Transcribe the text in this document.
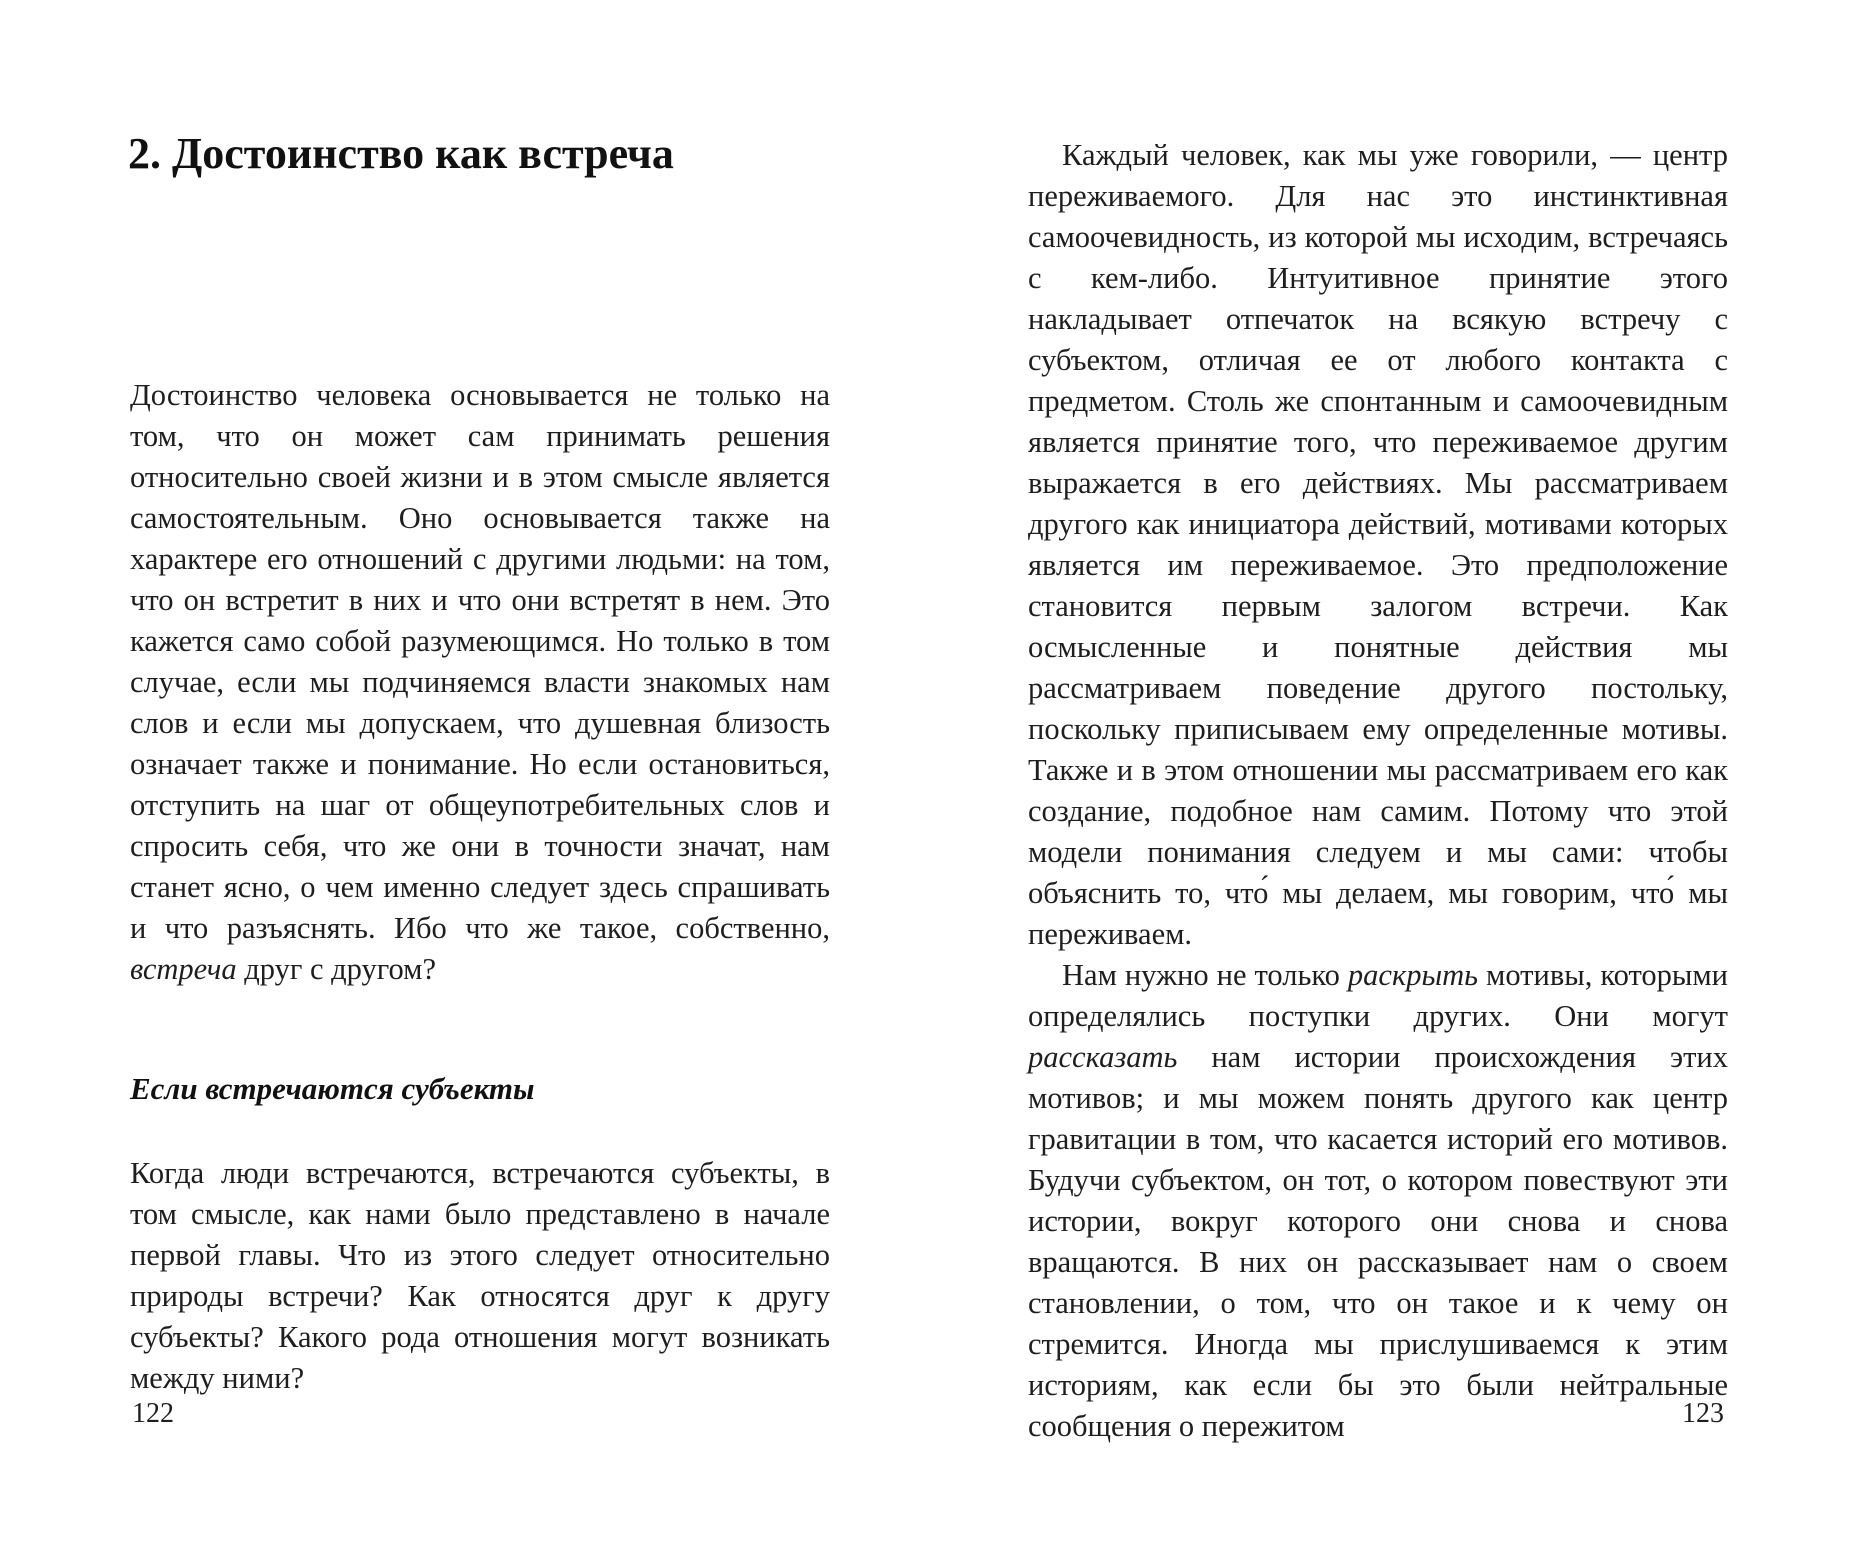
2. Достоинство как встреча

Достоинство человека основывается не только на том, что он может сам принимать решения относительно своей жизни и в этом смысле является самостоятельным. Оно основывается также на характере его отношений с другими людьми: на том, что он встретит в них и что они встретят в нем. Это кажется само собой разумеющимся. Но только в том случае, если мы подчиняемся власти знакомых нам слов и если мы допускаем, что душевная близость означает также и понимание. Но если остановиться, отступить на шаг от общеупотребительных слов и спросить себя, что же они в точности значат, нам станет ясно, о чем именно следует здесь спрашивать и что разъяснять. Ибо что же такое, собственно, встреча друг с другом?

Если встречаются субъекты

Когда люди встречаются, встречаются субъекты, в том смысле, как нами было представлено в начале первой главы. Что из этого следует относительно природы встречи? Как относятся друг к другу субъекты? Какого рода отношения могут возникать между ними?

122

Каждый человек, как мы уже говорили, — центр переживаемого. Для нас это инстинктивная самоочевидность, из которой мы исходим, встречаясь с кем-либо. Интуитивное принятие этого накладывает отпечаток на всякую встречу с субъектом, отличая ее от любого контакта с предметом. Столь же спонтанным и самоочевидным является принятие того, что переживаемое другим выражается в его действиях. Мы рассматриваем другого как инициатора действий, мотивами которых является им переживаемое. Это предположение становится первым залогом встречи. Как осмысленные и понятные действия мы рассматриваем поведение другого постольку, поскольку приписываем ему определенные мотивы. Также и в этом отношении мы рассматриваем его как создание, подобное нам самим. Потому что этой модели понимания следуем и мы сами: чтобы объяснить то, что́ мы делаем, мы говорим, что́ мы переживаем.

Нам нужно не только раскрыть мотивы, которыми определялись поступки других. Они могут рассказать нам истории происхождения этих мотивов; и мы можем понять другого как центр гравитации в том, что касается историй его мотивов. Будучи субъектом, он тот, о котором повествуют эти истории, вокруг которого они снова и снова вращаются. В них он рассказывает нам о своем становлении, о том, что он такое и к чему он стремится. Иногда мы прислушиваемся к этим историям, как если бы это были нейтральные сообщения о пережитом	123
